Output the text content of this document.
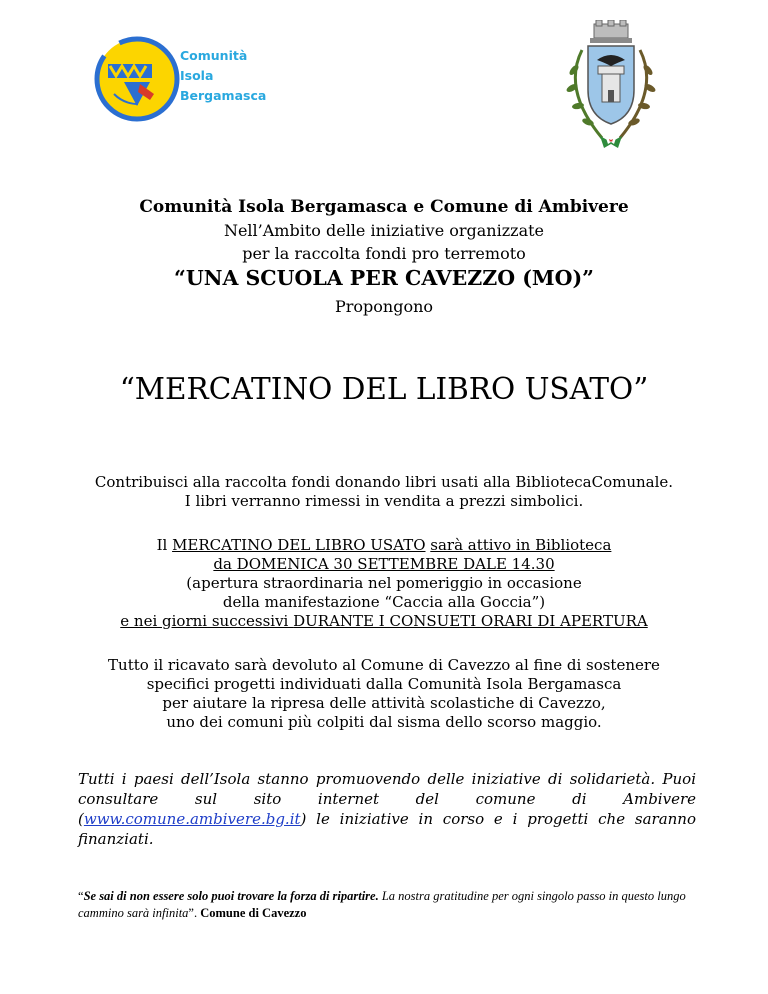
Comunità
Isola
Bergamasca
Comunità Isola Bergamasca e Comune di Ambivere
Nell’Ambito delle iniziative organizzate
per la raccolta fondi pro terremoto
“UNA SCUOLA PER CAVEZZO (MO)”
Propongono
“MERCATINO DEL LIBRO USATO”
Contribuisci alla raccolta fondi donando libri usati alla BibliotecaComunale.
I libri verranno rimessi in vendita a prezzi simbolici.
Il MERCATINO DEL LIBRO USATO sarà attivo in Biblioteca
da DOMENICA 30 SETTEMBRE DALE 14.30
(apertura straordinaria nel pomeriggio in occasione
della manifestazione “Caccia alla Goccia”)
e nei giorni successivi DURANTE I CONSUETI ORARI DI APERTURA
Tutto il ricavato sarà devoluto al Comune di Cavezzo al fine di sostenere
specifici progetti individuati dalla Comunità Isola Bergamasca
per aiutare la ripresa delle attività scolastiche di Cavezzo,
uno dei comuni più colpiti dal sisma dello scorso maggio.
Tutti i paesi dell’Isola stanno promuovendo delle iniziative di solidarietà. Puoi consultare sul sito internet del comune di Ambivere (www.comune.ambivere.bg.it) le iniziative in corso e i progetti che saranno finanziati.
“Se sai di non essere solo puoi trovare la forza di ripartire. La nostra gratitudine per ogni singolo passo in questo lungo cammino sarà infinita”. Comune di Cavezzo
